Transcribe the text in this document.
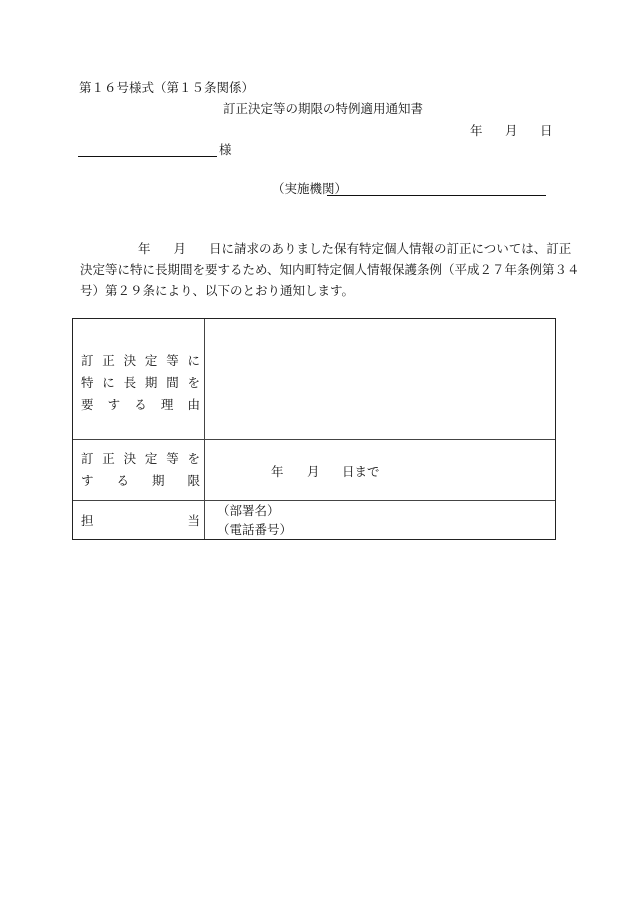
第１６号様式（第１５条関係）
訂正決定等の期限の特例適用通知書
年 月 日
様
（実施機関）
年 月 日に請求のありました保有特定個人情報の訂正については、訂正
決定等に特に長期間を要するため、知内町特定個人情報保護条例（平成２７年条例第３４
号）第２９条により、以下のとおり通知します。
訂 正 決 定 等 に
特 に 長 期 間 を
要 す る 理 由
訂 正 決 定 等 を
す る 期 限
年 月 日まで
担	当
（部署名）
（電話番号）
